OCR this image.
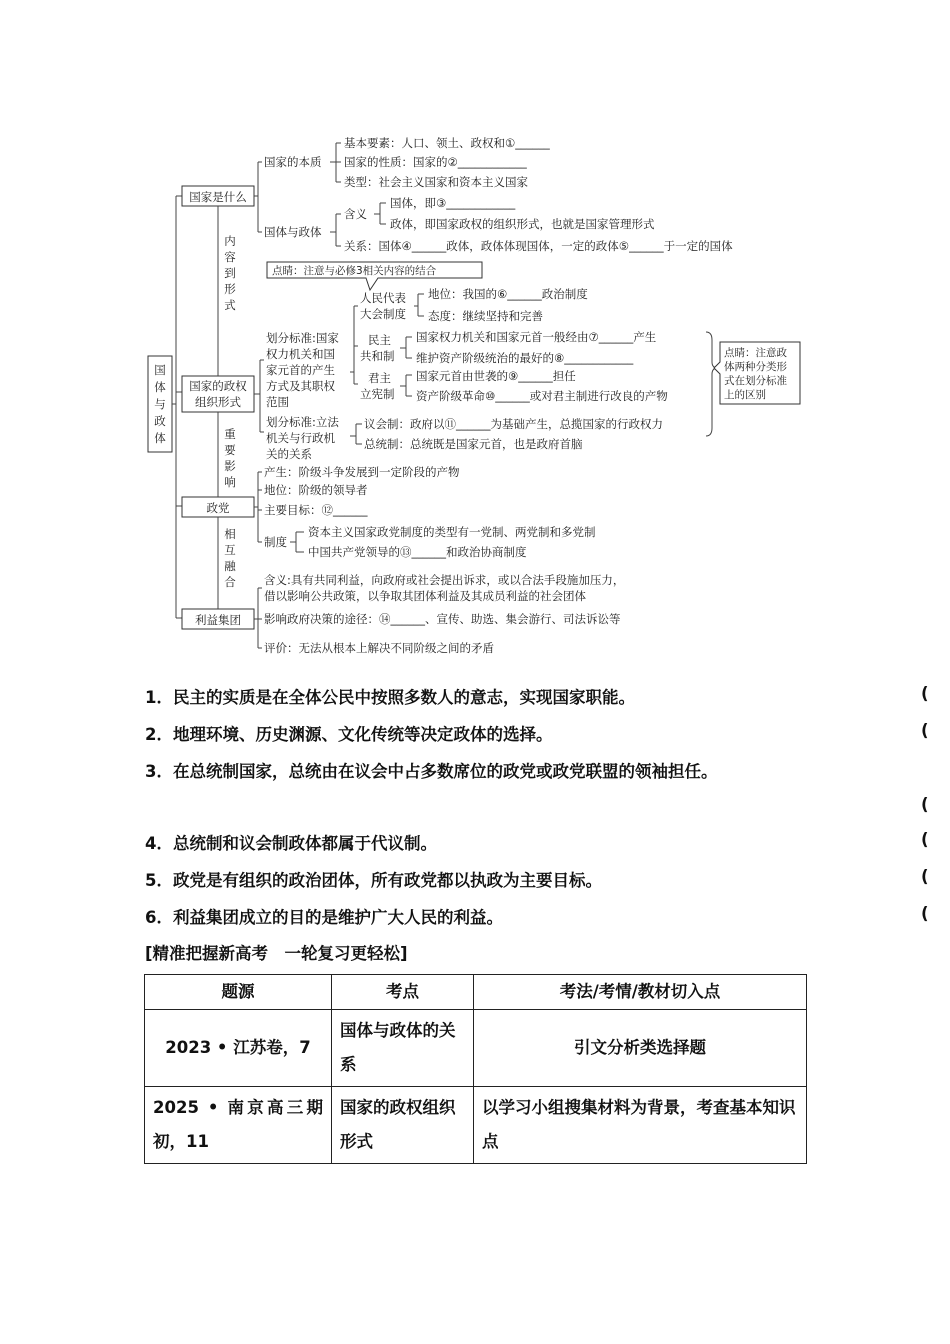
国
体
与
政
体
国家是什么
国家的政权
组织形式
政党
利益集团
内
容
到
形
式
重
要
影
响
相
互
融
合
国家的本质
基本要素：人口、领土、政权和①______
国家的性质：国家的②____________
类型：社会主义国家和资本主义国家
国体与政体
含义
国体，即③____________
政体，即国家政权的组织形式，也就是国家管理形式
关系：国体④______政体，政体体现国体，一定的政体⑤______于一定的国体
点睛：注意与必修3相关内容的结合
划分标准:国家
权力机关和国
家元首的产生
方式及其职权
范围
人民代表
大会制度
地位：我国的⑥______政治制度
态度：继续坚持和完善
民主
共和制
国家权力机关和国家元首一般经由⑦______产生
维护资产阶级统治的最好的⑧____________
君主
立宪制
国家元首由世袭的⑨______担任
资产阶级革命⑩______或对君主制进行改良的产物
点睛：注意政
体两种分类形
式在划分标准
上的区别
划分标准:立法
机关与行政机
关的关系
议会制：政府以⑪______为基础产生，总揽国家的行政权力
总统制：总统既是国家元首，也是政府首脑
产生：阶级斗争发展到一定阶段的产物
地位：阶级的领导者
主要目标：⑫______
制度
资本主义国家政党制度的类型有一党制、两党制和多党制
中国共产党领导的⑬______和政治协商制度
含义:具有共同利益，向政府或社会提出诉求，或以合法手段施加压力，
借以影响公共政策，以争取其团体利益及其成员利益的社会团体
影响政府决策的途径：⑭______、宣传、助选、集会游行、司法诉讼等
评价：无法从根本上解决不同阶级之间的矛盾
1．民主的实质是在全体公民中按照多数人的意志，实现国家职能。	(
2．地理环境、历史渊源、文化传统等决定政体的选择。	(
3．在总统制国家，总统由在议会中占多数席位的政党或政党联盟的领袖担任。
(
4．总统制和议会制政体都属于代议制。	(
5．政党是有组织的政治团体，所有政党都以执政为主要目标。	(
6．利益集团成立的目的是维护广大人民的利益。	(
[精准把握新高考　一轮复习更轻松]
题源	考点	考法/考情/教材切入点
2023 • 江苏卷，7	国体与政体的关系	引文分析类选择题

2025 • 南京高三期
初，11	国家的政权组织形式	以学习小组搜集材料为背景，考查基本知识点
